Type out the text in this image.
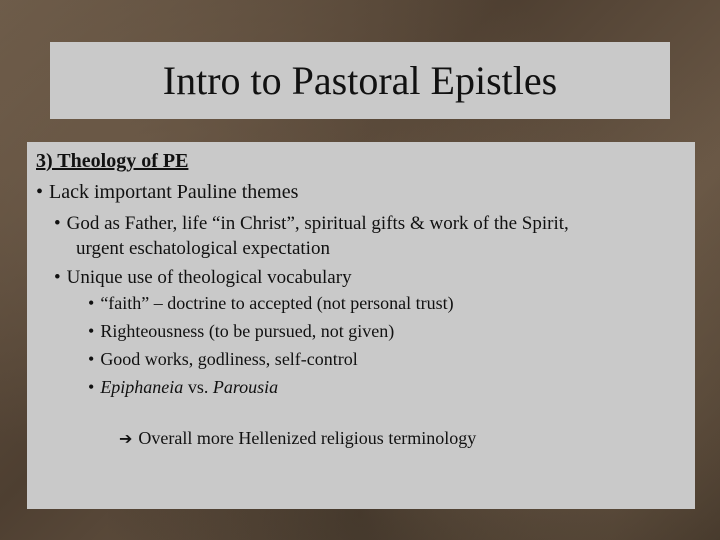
Intro to Pastoral Epistles
3) Theology of PE
• Lack important Pauline themes
• God as Father, life “in Christ”, spiritual gifts & work of the Spirit,
urgent eschatological expectation
• Unique use of theological vocabulary
• “faith” – doctrine to accepted (not personal trust)
• Righteousness (to be pursued, not given)
• Good works, godliness, self-control
• Epiphaneia vs. Parousia
➔ Overall more Hellenized religious terminology
